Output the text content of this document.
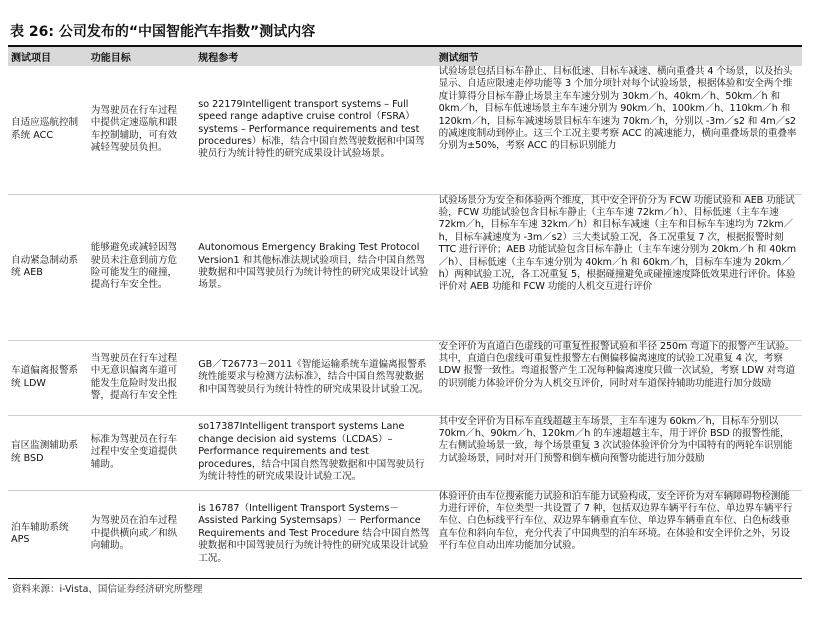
表 26: 公司发布的“中国智能汽车指数”测试内容
测试项目	功能目标	规程参考	测试细节
自适应巡航控制系统 ACC	为驾驶员在行车过程中提供定速巡航和跟车控制辅助，可有效减轻驾驶员负担。	so 22179Intelligent transport systems – Full speed range adaptive cruise control（FSRA） systems – Performance requirements and test procedures）标准，结合中国自然驾驶数据和中国驾驶员行为统计特性的研究成果设计试验场景。	试验场景包括目标车静止、目标低速、目标车减速、横向重叠共 4 个场景，以及抬头显示、自适应限速走停功能等 3 个加分项针对每个试验场景，根据体验和安全两个维度计算得分目标车静止场景主车车速分别为 30km／h、40km／h、50km／h 和 0km／h，目标车低速场景主车车速分别为 90km／h、100km／h、110km／h 和 120km／h，目标车减速场景目标车车速为 70km／h，分别以 -3m／s2 和 4m／s2 的减速度制动到停止。这三个工况主要考察 ACC 的减速能力，横向重叠场景的重叠率分别为±50%，考察 ACC 的目标识别能力
自动紧急制动系统 AEB	能够避免或减轻因驾驶员未注意到前方危险可能发生的碰撞，提高行车安全性。	Autonomous Emergency Braking Test Protocol Version1 和其他标准法规试验项目，结合中国自然驾驶数据和中国驾驶员行为统计特性的研究成果设计试验场景。	试验场景分为安全和体验两个维度，其中安全评价分为 FCW 功能试验和 AEB 功能试验，FCW 功能试验包含目标车静止（主车车速 72km／h）、目标低速（主车车速 72km／h，目标车车速 32km／h）和目标车减速（主车和目标车车速均为 72km／h，目标车减速度为 -3m／s2）三大类试验工况，各工况重复 7 次，根据报警时刻 TTC 进行评价；AEB 功能试验包含目标车静止（主车车速分别为 20km／h 和 40km／h）、目标低速（主车车速分别为 40km／h 和 60km／h，目标车车速为 20km／h）两种试验工况，各工况重复 5，根据碰撞避免或碰撞速度降低效果进行评价。体验评价对 AEB 功能和 FCW 功能的人机交互进行评价
车道偏离报警系统 LDW	当驾驶员在行车过程中无意识偏离车道可能发生危险时发出报警，提高行车安全性	GB／T26773－2011《智能运输系统车道偏离报警系统性能要求与检测方法标准》，结合中国自然驾驶数据和中国驾驶员行为统计特性的研究成果设计试验工况。	安全评价为直道白色虚线的可重复性报警试验和半径 250m 弯道下的报警产生试验。其中，直道白色虚线可重复性报警左右侧偏移偏离速度的试验工况重复 4 次，考察 LDW 报警一致性。弯道报警产生工况每种偏离速度只做一次试验，考察 LDW 对弯道的识别能力体验评价分为人机交互评价，同时对车道保持辅助功能进行加分鼓励
盲区监测辅助系统 BSD	标准为驾驶员在行车过程中安全变道提供辅助。	so17387Intelligent transport systems Lane change decision aid systems（LCDAS）– Performance requirements and test procedures，结合中国自然驾驶数据和中国驾驶员行为统计特性的研究成果设计试验工况。	其中安全评价为目标车直线超越主车场景，主车车速为 60km／h，目标车分别以 70km／h、90km／h、120km／h 的车速超越主车，用于评价 BSD 的报警性能，左右侧试验场景一致，每个场景重复 3 次试验体验评价分为中国特有的两轮车识别能力试验场景，同时对开门预警和倒车横向预警功能进行加分鼓励
泊车辅助系统 APS	为驾驶员在泊车过程中提供横向或／和纵向辅助。	is 16787（Intelligent Transport Systems－Assisted Parking Systemsaps）－ Performance Requirements and Test Procedure 结合中国自然驾驶数据和中国驾驶员行为统计特性的研究成果设计试验工况。	体验评价由车位搜索能力试验和泊车能力试验构成，安全评价为对车辆障碍物检测能力进行评价，车位类型一共设置了 7 种，包括双边界车辆平行车位、单边界车辆平行车位、白色标线平行车位、双边界车辆垂直车位、单边界车辆垂直车位、白色标线垂直车位和斜向车位，充分代表了中国典型的泊车环境。在体验和安全评价之外，另设平行车位自动出库功能加分试验。
资料来源：i-Vista、国信证券经济研究所整理
